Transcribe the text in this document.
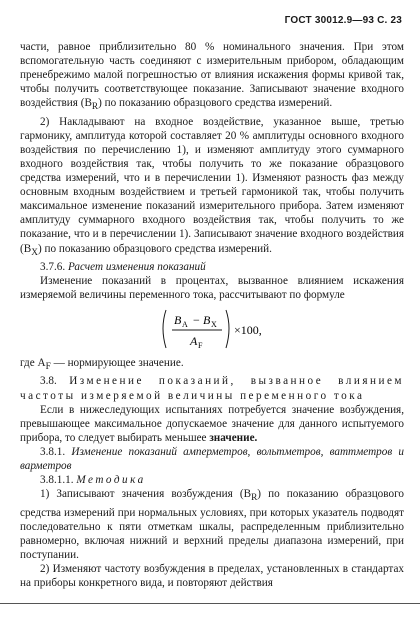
ГОСТ 30012.9—93 С. 23

части, равное приблизительно 80 % номинального значения. При этом вспомогательную часть соединяют с измерительным прибором, обладающим пренебрежимо малой погрешностью от влияния искажения формы кривой так, чтобы получить соответствующее показание. Записывают значение входного воздействия $(B_R)$ по показанию образцового средства измерений.

2) Накладывают на входное воздействие, указанное выше, третью гармонику, амплитуда которой составляет 20 % амплитуды основного входного воздействия по перечислению 1), и изменяют амплитуду этого суммарного входного воздействия так, чтобы получить то же показание образцового средства измерений, что и в перечислении 1). Изменяют разность фаз между основным входным воздействием и третьей гармоникой так, чтобы получить максимальное изменение показаний измерительного прибора. Затем изменяют амплитуду суммарного входного воздействия так, чтобы получить то же показание, что и в перечислении 1). Записывают значение входного воздействия $(B_X)$ по показанию образцового средства измерений.

3.7.6. Расчет изменения показаний

Изменение показаний в процентах, вызванное влиянием искажения измеряемой величины переменного тока, рассчитывают по формуле

B A − B X
A F
×100,

где $A_F$ — нормирующее значение.

3.8. Изменение показаний, вызванное влиянием частоты измеряемой величины переменного тока

Если в нижеследующих испытаниях потребуется значение возбуждения, превышающее максимальное допускаемое значение для данного испытуемого прибора, то следует выбирать меньшее значение.

3.8.1. Изменение показаний амперметров, вольтметров, ваттметров и варметров

3.8.1.1. Методика

1) Записывают значения возбуждения $(B_R)$ по показанию образцового средства измерений при нормальных условиях, при которых указатель подводят последовательно к пяти отметкам шкалы, распределенным приблизительно равномерно, включая нижний и верхний пределы диапазона измерений, при поступании.

2) Изменяют частоту возбуждения в пределах, установленных в стандартах на приборы конкретного вида, и повторяют действия
